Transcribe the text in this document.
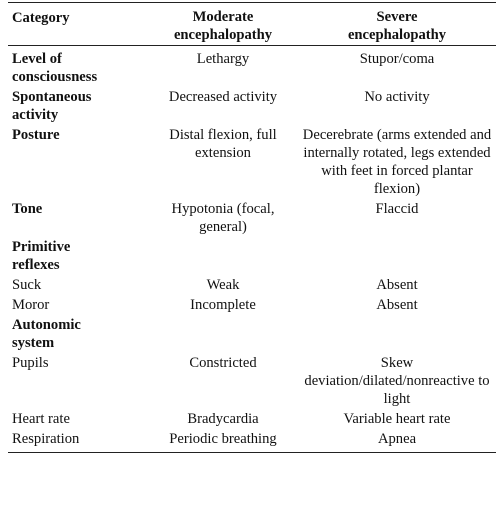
Category	Moderate encephalopathy	Severe encephalopathy

Level of consciousness	Lethargy	Stupor/coma

Spontaneous activity	Decreased activity	No activity

Posture	Distal flexion, full extension	Decerebrate (arms extended and internally rotated, legs extended with feet in forced plantar flexion)

Tone	Hypotonia (focal, general)	Flaccid

Primitive reflexes		

Suck	Weak	Absent

Moror	Incomplete	Absent

Autonomic system		

Pupils	Constricted	Skew deviation/dilated/nonreactive to light

Heart rate	Bradycardia	Variable heart rate

Respiration	Periodic breathing	Apnea
